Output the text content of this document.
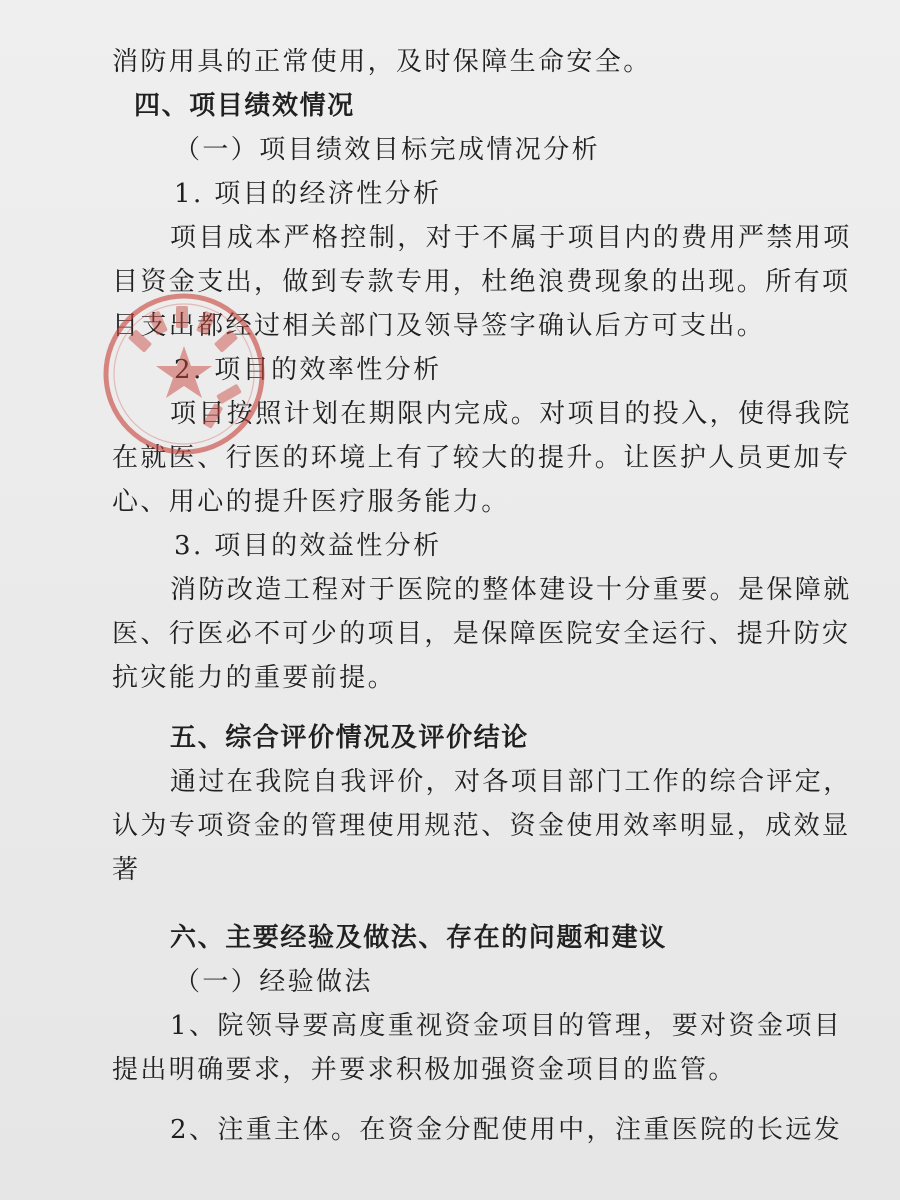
消防用具的正常使用，及时保障生命安全。
四、项目绩效情况
（一）项目绩效目标完成情况分析
1. 项目的经济性分析
项目成本严格控制，对于不属于项目内的费用严禁用项
目资金支出，做到专款专用，杜绝浪费现象的出现。所有项
目支出都经过相关部门及领导签字确认后方可支出。
2. 项目的效率性分析
项目按照计划在期限内完成。对项目的投入，使得我院
在就医、行医的环境上有了较大的提升。让医护人员更加专
心、用心的提升医疗服务能力。
3. 项目的效益性分析
消防改造工程对于医院的整体建设十分重要。是保障就
医、行医必不可少的项目，是保障医院安全运行、提升防灾
抗灾能力的重要前提。
五、综合评价情况及评价结论
通过在我院自我评价，对各项目部门工作的综合评定，
认为专项资金的管理使用规范、资金使用效率明显，成效显
著
六、主要经验及做法、存在的问题和建议
（一）经验做法
1、院领导要高度重视资金项目的管理，要对资金项目
提出明确要求，并要求积极加强资金项目的监管。
2、注重主体。在资金分配使用中，注重医院的长远发
